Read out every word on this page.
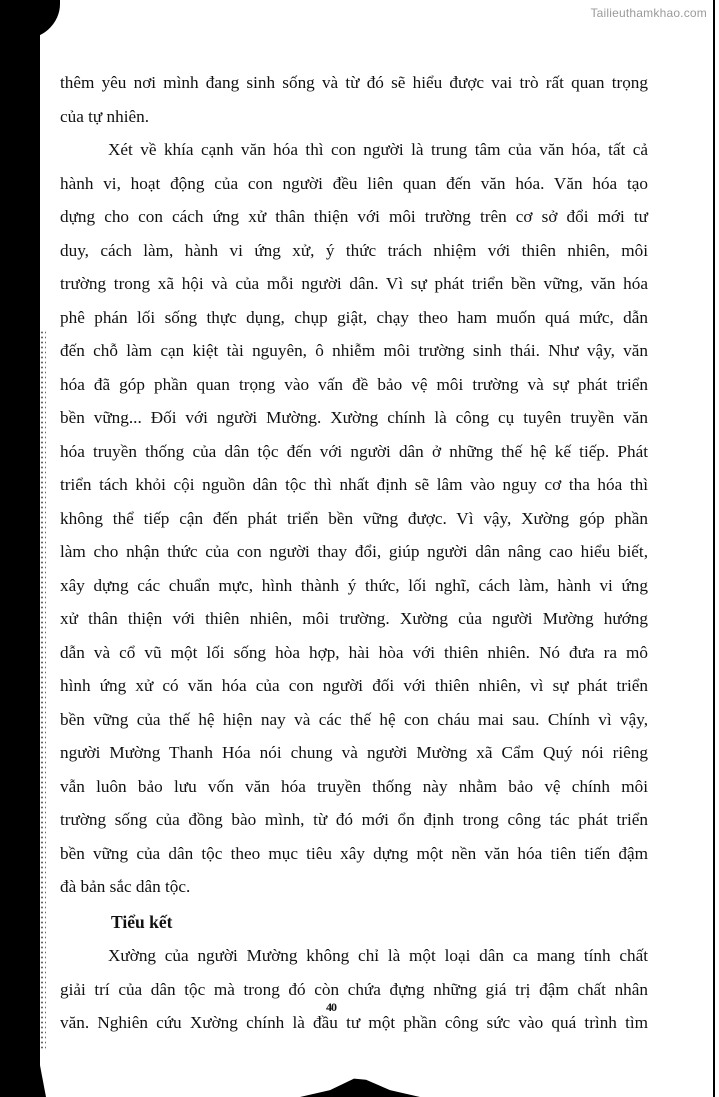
Tailieuthamkhao.com
thêm yêu nơi mình đang sinh sống và từ đó sẽ hiểu được vai trò rất quan trọng
của tự nhiên.
Xét về khía cạnh văn hóa thì con người là trung tâm của văn hóa, tất cả
hành vi, hoạt động của con người đều liên quan đến văn hóa. Văn hóa tạo
dựng cho con cách ứng xử thân thiện với môi trường trên cơ sở đổi mới tư
duy, cách làm, hành vi ứng xử, ý thức trách nhiệm với thiên nhiên, môi
trường trong xã hội và của mỗi người dân. Vì sự phát triển bền vững, văn hóa
phê phán lối sống thực dụng, chụp giật, chạy theo ham muốn quá mức, dẫn
đến chỗ làm cạn kiệt tài nguyên, ô nhiễm môi trường sinh thái. Như vậy, văn
hóa đã góp phần quan trọng vào vấn đề bảo vệ môi trường và sự phát triển
bền vững... Đối với người Mường. Xường chính là công cụ tuyên truyền văn
hóa truyền thống của dân tộc đến với người dân ở những thế hệ kế tiếp. Phát
triển tách khỏi cội nguồn dân tộc thì nhất định sẽ lâm vào nguy cơ tha hóa thì
không thể tiếp cận đến phát triển bền vững được. Vì vậy, Xường góp phần
làm cho nhận thức của con người thay đổi, giúp người dân nâng cao hiểu biết,
xây dựng các chuẩn mực, hình thành ý thức, lối nghĩ, cách làm, hành vi ứng
xử thân thiện với thiên nhiên, môi trường. Xường của người Mường hướng
dẫn và cổ vũ một lối sống hòa hợp, hài hòa với thiên nhiên. Nó đưa ra mô
hình ứng xử có văn hóa của con người đối với thiên nhiên, vì sự phát triển
bền vững của thế hệ hiện nay và các thế hệ con cháu mai sau. Chính vì vậy,
người Mường Thanh Hóa nói chung và người Mường xã Cẩm Quý nói riêng
vẫn luôn bảo lưu vốn văn hóa truyền thống này nhằm bảo vệ chính môi
trường sống của đồng bào mình, từ đó mới ổn định trong công tác phát triển
bền vững của dân tộc theo mục tiêu xây dựng một nền văn hóa tiên tiến đậm
đà bản sắc dân tộc.
Tiểu kết
Xường của người Mường không chỉ là một loại dân ca mang tính chất
giải trí của dân tộc mà trong đó còn chứa đựng những giá trị đậm chất nhân
văn. Nghiên cứu Xường chính là đầu tư một phần công sức vào quá trình tìm
40
